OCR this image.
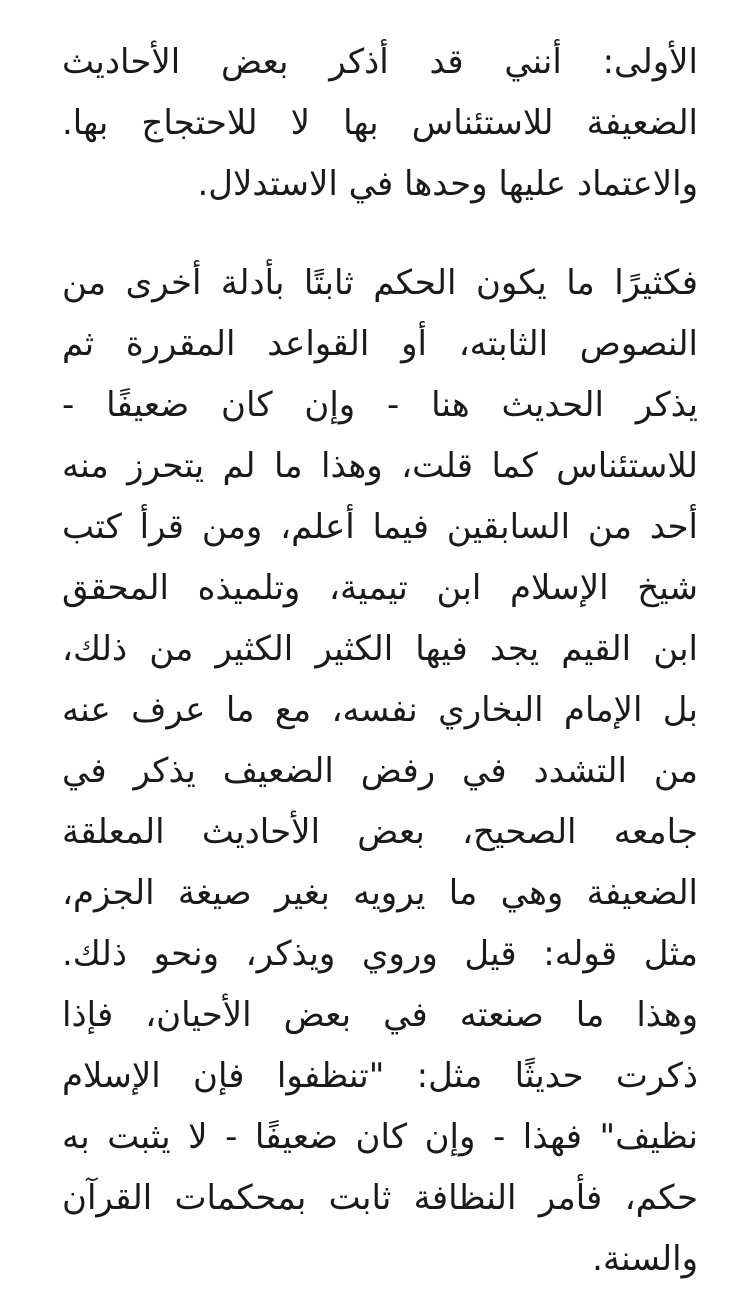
الأولى: أنني قد أذكر بعض الأحاديث
الضعيفة للاستئناس بها لا للاحتجاج بها.
والاعتماد عليها وحدها في الاستدلال.
فكثيرًا ما يكون الحكم ثابتًا بأدلة أخرى من
النصوص الثابته، أو القواعد المقررة ثم
يذكر الحديث هنا - وإن كان ضعيفًا -
للاستئناس كما قلت، وهذا ما لم يتحرز منه
أحد من السابقين فيما أعلم، ومن قرأ كتب
شيخ الإسلام ابن تيمية، وتلميذه المحقق
ابن القيم يجد فيها الكثير الكثير من ذلك،
بل الإمام البخاري نفسه، مع ما عرف عنه
من التشدد في رفض الضعيف يذكر في
جامعه الصحيح، بعض الأحاديث المعلقة
الضعيفة وهي ما يرويه بغير صيغة الجزم،
مثل قوله: قيل وروي ويذكر، ونحو ذلك.
وهذا ما صنعته في بعض الأحيان، فإذا
ذكرت حديثًا مثل: "تنظفوا فإن الإسلام
نظيف" فهذا - وإن كان ضعيفًا - لا يثبت به
حكم، فأمر النظافة ثابت بمحكمات القرآن
والسنة.
